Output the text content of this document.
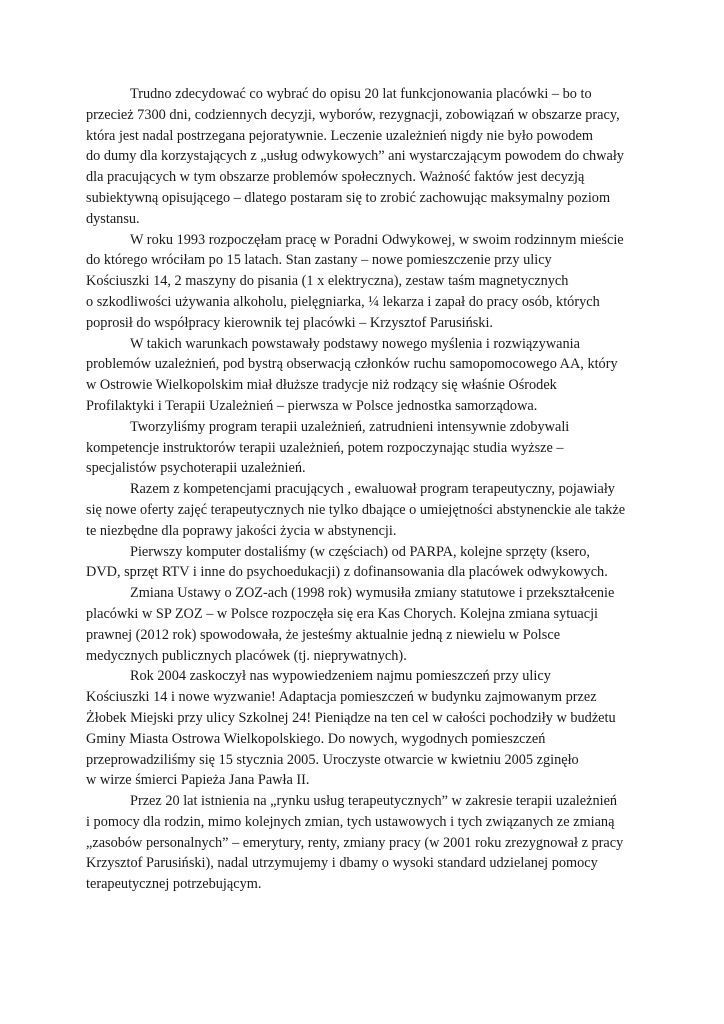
Trudno zdecydować co wybrać do opisu 20 lat funkcjonowania placówki – bo to
przecież 7300 dni, codziennych decyzji, wyborów, rezygnacji, zobowiązań w obszarze pracy,
która jest nadal postrzegana pejoratywnie. Leczenie uzależnień nigdy nie było powodem
do dumy dla korzystających z „usług odwykowych” ani wystarczającym powodem do chwały
dla pracujących w tym obszarze problemów społecznych. Ważność faktów jest decyzją
subiektywną opisującego – dlatego postaram się to zrobić zachowując maksymalny poziom
dystansu.
W roku 1993 rozpoczęłam pracę w Poradni Odwykowej, w swoim rodzinnym mieście
do którego wróciłam po 15 latach. Stan zastany – nowe pomieszczenie przy ulicy
Kościuszki 14, 2 maszyny do pisania (1 x elektryczna), zestaw taśm magnetycznych
o szkodliwości używania alkoholu, pielęgniarka, ¼ lekarza i zapał do pracy osób, których
poprosił do współpracy kierownik tej placówki – Krzysztof Parusiński.
W takich warunkach powstawały podstawy nowego myślenia i rozwiązywania
problemów uzależnień, pod bystrą obserwacją członków ruchu samopomocowego AA, który
w Ostrowie Wielkopolskim miał dłuższe tradycje niż rodzący się właśnie Ośrodek
Profilaktyki i Terapii Uzależnień – pierwsza w Polsce jednostka samorządowa.
Tworzyliśmy program terapii uzależnień, zatrudnieni intensywnie zdobywali
kompetencje instruktorów terapii uzależnień, potem rozpoczynając studia wyższe –
specjalistów psychoterapii uzależnień.
Razem z kompetencjami pracujących , ewaluował program terapeutyczny, pojawiały
się nowe oferty zajęć terapeutycznych nie tylko dbające o umiejętności abstynenckie ale także
te niezbędne dla poprawy jakości życia w abstynencji.
Pierwszy komputer dostaliśmy (w częściach) od PARPA, kolejne sprzęty (ksero,
DVD, sprzęt RTV i inne do psychoedukacji) z dofinansowania dla placówek odwykowych.
Zmiana Ustawy o ZOZ-ach (1998 rok) wymusiła zmiany statutowe i przekształcenie
placówki w SP ZOZ – w Polsce rozpoczęła się era Kas Chorych. Kolejna zmiana sytuacji
prawnej (2012 rok) spowodowała, że jesteśmy aktualnie jedną z niewielu w Polsce
medycznych publicznych placówek (tj. nieprywatnych).
Rok 2004 zaskoczył nas wypowiedzeniem najmu pomieszczeń przy ulicy
Kościuszki 14 i nowe wyzwanie! Adaptacja pomieszczeń w budynku zajmowanym przez
Żłobek Miejski przy ulicy Szkolnej 24! Pieniądze na ten cel w całości pochodziły w budżetu
Gminy Miasta Ostrowa Wielkopolskiego. Do nowych, wygodnych pomieszczeń
przeprowadziliśmy się 15 stycznia 2005. Uroczyste otwarcie w kwietniu 2005 zginęło
w wirze śmierci Papieża Jana Pawła II.
Przez 20 lat istnienia na „rynku usług terapeutycznych” w zakresie terapii uzależnień
i pomocy dla rodzin, mimo kolejnych zmian, tych ustawowych i tych związanych ze zmianą
„zasobów personalnych” – emerytury, renty, zmiany pracy (w 2001 roku zrezygnował z pracy
Krzysztof Parusiński), nadal utrzymujemy i dbamy o wysoki standard udzielanej pomocy
terapeutycznej potrzebującym.
